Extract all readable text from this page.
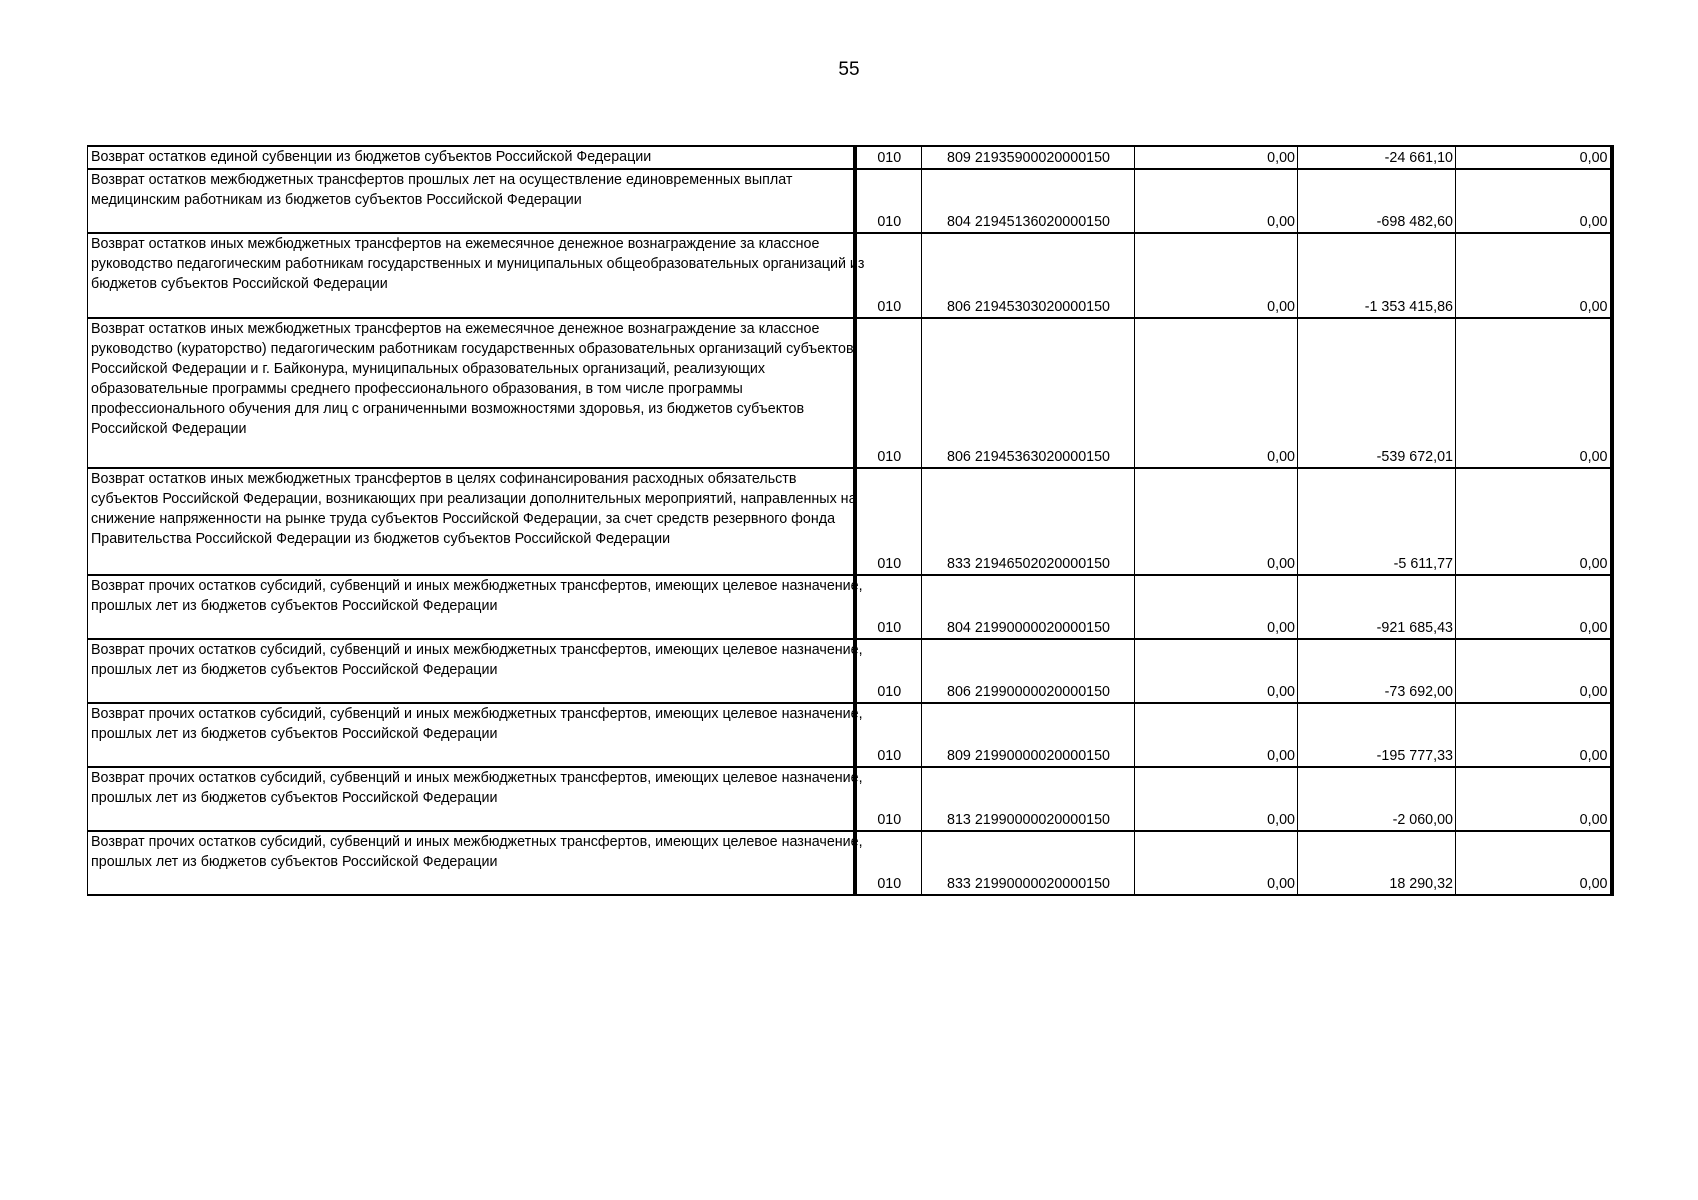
55
Возврат остатков единой субвенции из бюджетов субъектов Российской Федерации	010	809 21935900020000150	0,00	-24 661,10	0,00

Возврат остатков межбюджетных трансфертов прошлых лет на осуществление единовременных выплат медицинским работникам из бюджетов субъектов Российской Федерации	010	804 21945136020000150	0,00	-698 482,60	0,00

Возврат остатков иных межбюджетных трансфертов на ежемесячное денежное вознаграждение за классное руководство педагогическим работникам государственных и муниципальных общеобразовательных организаций из бюджетов субъектов Российской Федерации	010	806 21945303020000150	0,00	-1 353 415,86	0,00

Возврат остатков иных межбюджетных трансфертов на ежемесячное денежное вознаграждение за классное руководство (кураторство) педагогическим работникам государственных образовательных организаций субъектов Российской Федерации и г. Байконура, муниципальных образовательных организаций, реализующих образовательные программы среднего профессионального образования, в том числе программы профессионального обучения для лиц с ограниченными возможностями здоровья, из бюджетов субъектов Российской Федерации	010	806 21945363020000150	0,00	-539 672,01	0,00

Возврат остатков иных межбюджетных трансфертов в целях софинансирования расходных обязательств субъектов Российской Федерации, возникающих при реализации дополнительных мероприятий, направленных на снижение напряженности на рынке труда субъектов Российской Федерации, за счет средств резервного фонда Правительства Российской Федерации из бюджетов субъектов Российской Федерации	010	833 21946502020000150	0,00	-5 611,77	0,00

Возврат прочих остатков субсидий, субвенций и иных межбюджетных трансфертов, имеющих целевое назначение, прошлых лет из бюджетов субъектов Российской Федерации	010	804 21990000020000150	0,00	-921 685,43	0,00

Возврат прочих остатков субсидий, субвенций и иных межбюджетных трансфертов, имеющих целевое назначение, прошлых лет из бюджетов субъектов Российской Федерации	010	806 21990000020000150	0,00	-73 692,00	0,00

Возврат прочих остатков субсидий, субвенций и иных межбюджетных трансфертов, имеющих целевое назначение, прошлых лет из бюджетов субъектов Российской Федерации	010	809 21990000020000150	0,00	-195 777,33	0,00

Возврат прочих остатков субсидий, субвенций и иных межбюджетных трансфертов, имеющих целевое назначение, прошлых лет из бюджетов субъектов Российской Федерации	010	813 21990000020000150	0,00	-2 060,00	0,00

Возврат прочих остатков субсидий, субвенций и иных межбюджетных трансфертов, имеющих целевое назначение, прошлых лет из бюджетов субъектов Российской Федерации	010	833 21990000020000150	0,00	18 290,32	0,00
